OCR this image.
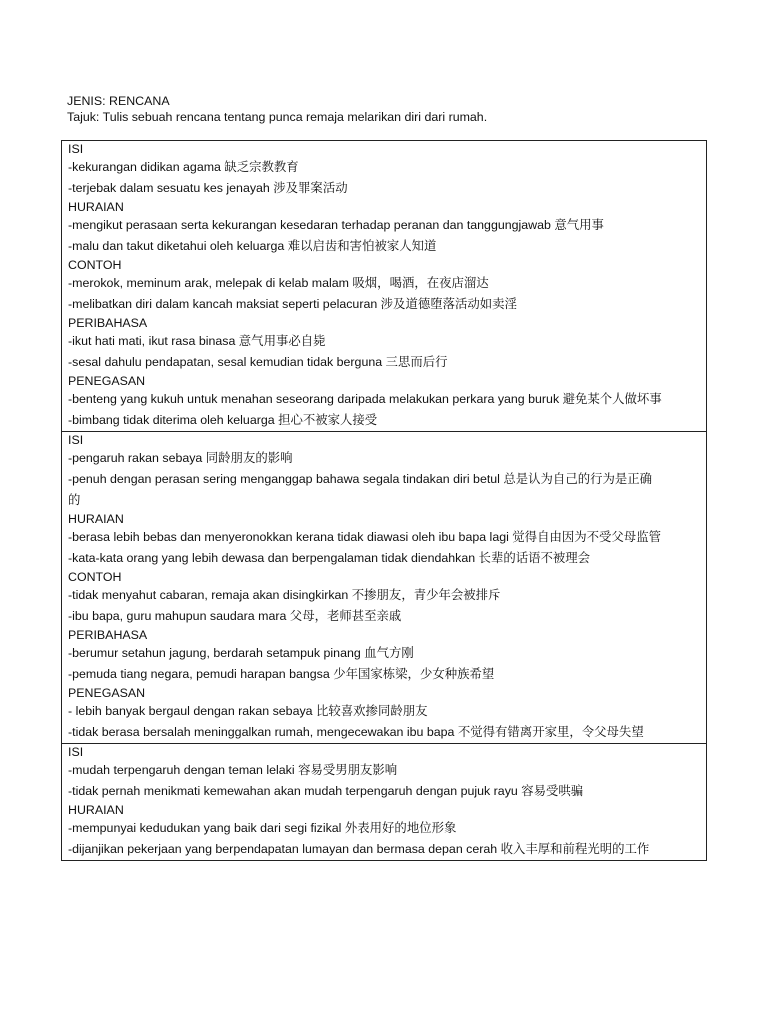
JENIS: RENCANA
Tajuk: Tulis sebuah rencana tentang punca remaja melarikan diri dari rumah.
ISI
-kekurangan didikan agama 缺乏宗教教育
-terjebak dalam sesuatu kes jenayah 涉及罪案活动
HURAIAN
-mengikut perasaan serta kekurangan kesedaran terhadap peranan dan tanggungjawab 意气用事
-malu dan takut diketahui oleh keluarga 难以启齿和害怕被家人知道
CONTOH
-merokok, meminum arak, melepak di kelab malam 吸烟，喝酒，在夜店溜达
-melibatkan diri dalam kancah maksiat seperti pelacuran 涉及道德堕落活动如卖淫
PERIBAHASA
-ikut hati mati, ikut rasa binasa 意气用事必自毙
-sesal dahulu pendapatan, sesal kemudian tidak berguna 三思而后行
PENEGASAN
-benteng yang kukuh untuk menahan seseorang daripada melakukan perkara yang buruk 避免某个人做坏事
-bimbang tidak diterima oleh keluarga 担心不被家人接受
ISI
-pengaruh rakan sebaya 同龄朋友的影响
-penuh dengan perasan sering menganggap bahawa segala tindakan diri betul 总是认为自己的行为是正确
的
HURAIAN
-berasa lebih bebas dan menyeronokkan kerana tidak diawasi oleh ibu bapa lagi 觉得自由因为不受父母监管
-kata-kata orang yang lebih dewasa dan berpengalaman tidak diendahkan 长辈的话语不被理会
CONTOH
-tidak menyahut cabaran, remaja akan disingkirkan 不掺朋友，青少年会被排斥
-ibu bapa, guru mahupun saudara mara 父母，老师甚至亲戚
PERIBAHASA
-berumur setahun jagung, berdarah setampuk pinang 血气方刚
-pemuda tiang negara, pemudi harapan bangsa 少年国家栋梁，少女种族希望
PENEGASAN
- lebih banyak bergaul dengan rakan sebaya 比较喜欢掺同龄朋友
-tidak berasa bersalah meninggalkan rumah, mengecewakan ibu bapa 不觉得有错离开家里，令父母失望
ISI
-mudah terpengaruh dengan teman lelaki 容易受男朋友影响
-tidak pernah menikmati kemewahan akan mudah terpengaruh dengan pujuk rayu 容易受哄骗
HURAIAN
-mempunyai kedudukan yang baik dari segi fizikal 外表用好的地位形象
-dijanjikan pekerjaan yang berpendapatan lumayan dan bermasa depan cerah 收入丰厚和前程光明的工作
